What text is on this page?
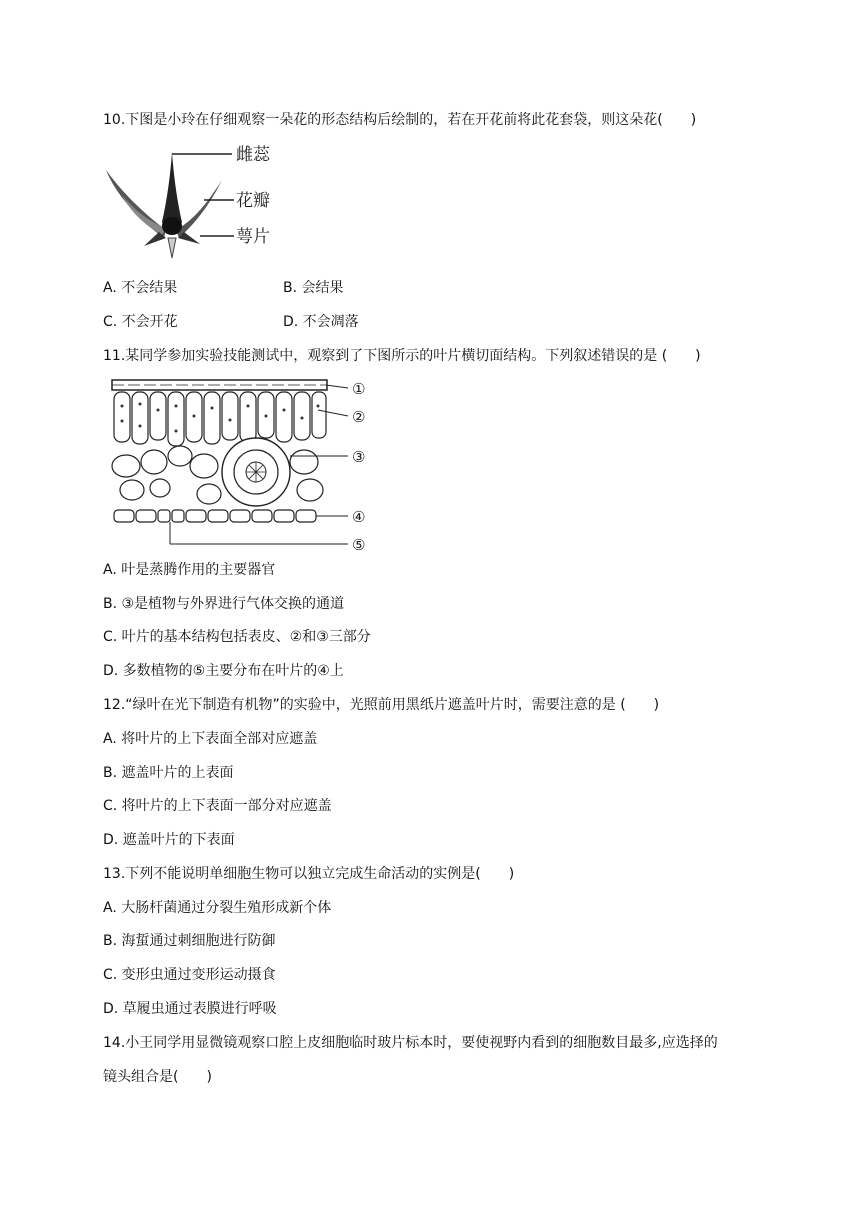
10.下图是小玲在仔细观察一朵花的形态结构后绘制的，若在开花前将此花套袋，则这朵花(　　)
雌蕊
花瓣
萼片
A. 不会结果	B. 会结果
C. 不会开花	D. 不会凋落
11.某同学参加实验技能测试中，观察到了下图所示的叶片横切面结构。下列叙述错误的是 (　　)
①
②
③
④
⑤
A. 叶是蒸腾作用的主要器官
B. ③是植物与外界进行气体交换的通道
C. 叶片的基本结构包括表皮、②和③三部分
D. 多数植物的⑤主要分布在叶片的④上
12.“绿叶在光下制造有机物”的实验中，光照前用黑纸片遮盖叶片时，需要注意的是 (　　)
A. 将叶片的上下表面全部对应遮盖
B. 遮盖叶片的上表面
C. 将叶片的上下表面一部分对应遮盖
D. 遮盖叶片的下表面
13.下列不能说明单细胞生物可以独立完成生命活动的实例是(　　)
A. 大肠杆菌通过分裂生殖形成新个体
B. 海蜇通过刺细胞进行防御
C. 变形虫通过变形运动摄食
D. 草履虫通过表膜进行呼吸
14.小王同学用显微镜观察口腔上皮细胞临时玻片标本时，要使视野内看到的细胞数目最多,应选择的
镜头组合是(　　)
